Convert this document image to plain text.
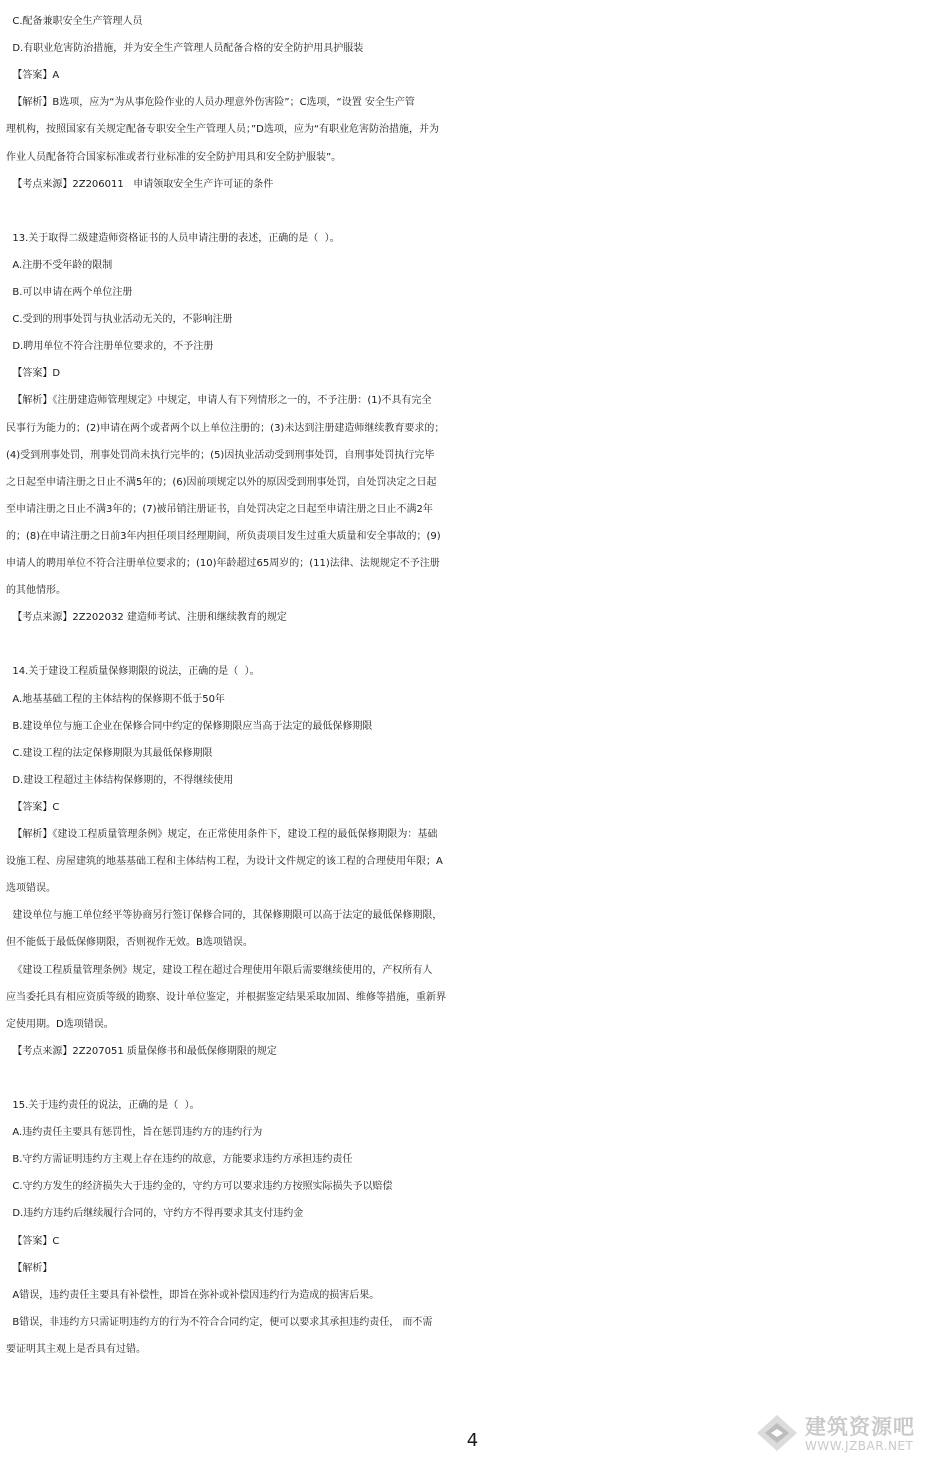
C.配备兼职安全生产管理人员
D.有职业危害防治措施，并为安全生产管理人员配备合格的安全防护用具护服装
【答案】A
【解析】B选项，应为“为从事危险作业的人员办理意外伤害险”；C选项，“设置 安全生产管
理机构，按照国家有关规定配备专职安全生产管理人员；”D选项，应为“有职业危害防治措施，并为
作业人员配备符合国家标准或者行业标准的安全防护用具和安全防护服装”。
【考点来源】2Z206011   申请领取安全生产许可证的条件
13.关于取得二级建造师资格证书的人员申请注册的表述，正确的是（  ）。
A.注册不受年龄的限制
B.可以申请在两个单位注册
C.受到的刑事处罚与执业活动无关的，不影响注册
D.聘用单位不符合注册单位要求的，不予注册
【答案】D
【解析】《注册建造师管理规定》中规定，申请人有下列情形之一的，不予注册：(1)不具有完全
民事行为能力的；(2)申请在两个或者两个以上单位注册的；(3)未达到注册建造师继续教育要求的；
(4)受到刑事处罚，刑事处罚尚未执行完毕的；(5)因执业活动受到刑事处罚，自刑事处罚执行完毕
之日起至申请注册之日止不满5年的；(6)因前项规定以外的原因受到刑事处罚，自处罚决定之日起
至申请注册之日止不满3年的；(7)被吊销注册证书，自处罚决定之日起至申请注册之日止不满2年
的；(8)在申请注册之日前3年内担任项目经理期间，所负责项目发生过重大质量和安全事故的；(9)
申请人的聘用单位不符合注册单位要求的；(10)年龄超过65周岁的；(11)法律、法规规定不予注册
的其他情形。
【考点来源】2Z202032 建造师考试、注册和继续教育的规定
14.关于建设工程质量保修期限的说法，正确的是（  ）。
A.地基基础工程的主体结构的保修期不低于50年
B.建设单位与施工企业在保修合同中约定的保修期限应当高于法定的最低保修期限
C.建设工程的法定保修期限为其最低保修期限
D.建设工程超过主体结构保修期的，不得继续使用
【答案】C
【解析】《建设工程质量管理条例》规定，在正常使用条件下，建设工程的最低保修期限为：基础
设施工程、房屋建筑的地基基础工程和主体结构工程，为设计文件规定的该工程的合理使用年限；A
选项错误。
建设单位与施工单位经平等协商另行签订保修合同的，其保修期限可以高于法定的最低保修期限，
但不能低于最低保修期限，否则视作无效。B选项错误。
《建设工程质量管理条例》规定，建设工程在超过合理使用年限后需要继续使用的，产权所有人
应当委托具有相应资质等级的勘察、设计单位鉴定，并根据鉴定结果采取加固、维修等措施，重新界
定使用期。D选项错误。
【考点来源】2Z207051 质量保修书和最低保修期限的规定
15.关于违约责任的说法，正确的是（  ）。
A.违约责任主要具有惩罚性，旨在惩罚违约方的违约行为
B.守约方需证明违约方主观上存在违约的故意，方能要求违约方承担违约责任
C.守约方发生的经济损失大于违约金的，守约方可以要求违约方按照实际损失予以赔偿
D.违约方违约后继续履行合同的，守约方不得再要求其支付违约金
【答案】C
【解析】
A错误，违约责任主要具有补偿性，即旨在弥补或补偿因违约行为造成的损害后果。
B错误，非违约方只需证明违约方的行为不符合合同约定，便可以要求其承担违约责任， 而不需
要证明其主观上是否具有过错。
4
建筑资源吧
WWW.JZBAR.NET
